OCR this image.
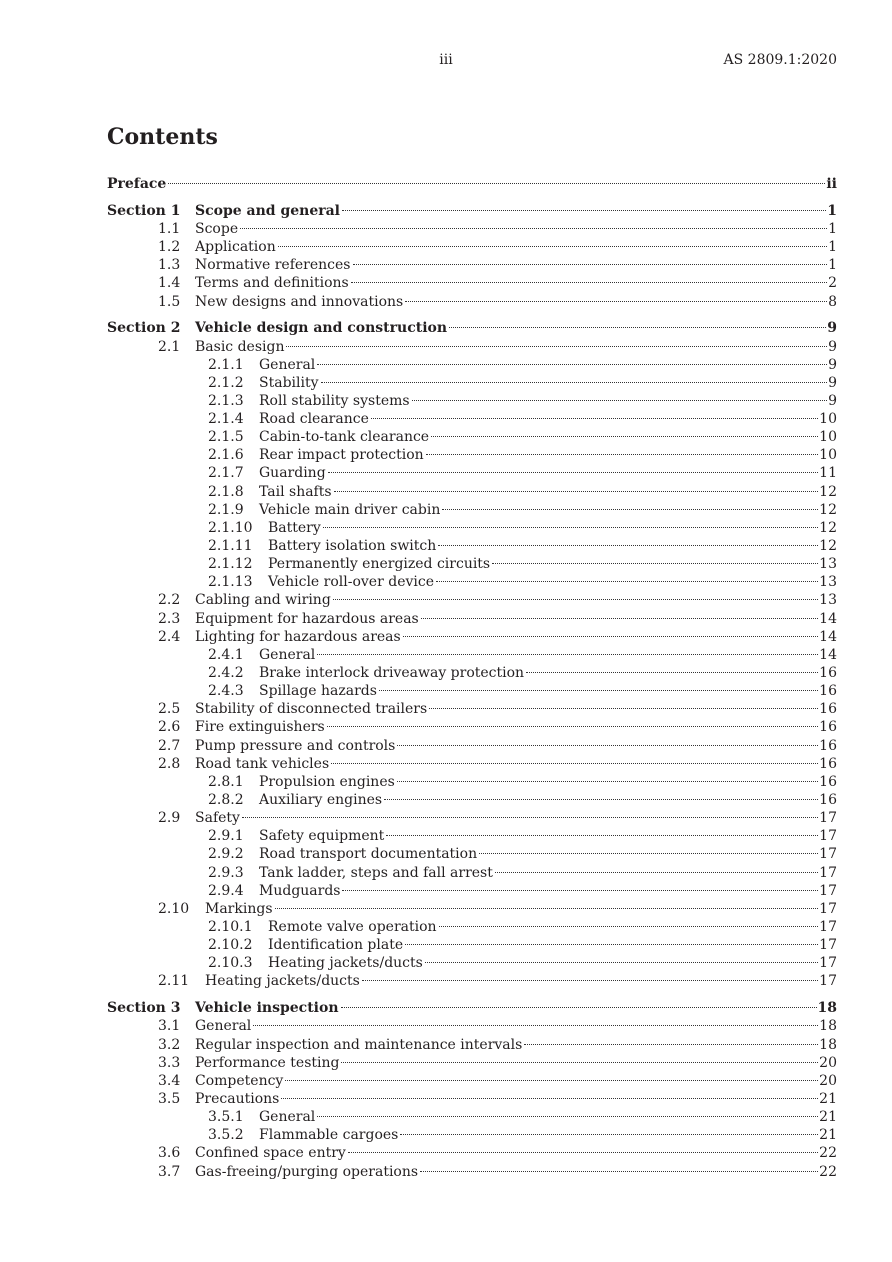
iii	AS 2809.1:2020
Contents
Preface	ii
Section 1 Scope and general	1
1.1 Scope	1
1.2 Application	1
1.3 Normative references	1
1.4 Terms and definitions	2
1.5 New designs and innovations	8
Section 2 Vehicle design and construction	9
2.1 Basic design	9
2.1.1 General	9
2.1.2 Stability	9
2.1.3 Roll stability systems	9
2.1.4 Road clearance	10
2.1.5 Cabin-to-tank clearance	10
2.1.6 Rear impact protection	10
2.1.7 Guarding	11
2.1.8 Tail shafts	12
2.1.9 Vehicle main driver cabin	12
2.1.10 Battery	12
2.1.11 Battery isolation switch	12
2.1.12 Permanently energized circuits	13
2.1.13 Vehicle roll-over device	13
2.2 Cabling and wiring	13
2.3 Equipment for hazardous areas	14
2.4 Lighting for hazardous areas	14
2.4.1 General	14
2.4.2 Brake interlock driveaway protection	16
2.4.3 Spillage hazards	16
2.5 Stability of disconnected trailers	16
2.6 Fire extinguishers	16
2.7 Pump pressure and controls	16
2.8 Road tank vehicles	16
2.8.1 Propulsion engines	16
2.8.2 Auxiliary engines	16
2.9 Safety	17
2.9.1 Safety equipment	17
2.9.2 Road transport documentation	17
2.9.3 Tank ladder, steps and fall arrest	17
2.9.4 Mudguards	17
2.10 Markings	17
2.10.1 Remote valve operation	17
2.10.2 Identification plate	17
2.10.3 Heating jackets/ducts	17
2.11 Heating jackets/ducts	17
Section 3 Vehicle inspection	18
3.1 General	18
3.2 Regular inspection and maintenance intervals	18
3.3 Performance testing	20
3.4 Competency	20
3.5 Precautions	21
3.5.1 General	21
3.5.2 Flammable cargoes	21
3.6 Confined space entry	22
3.7 Gas-freeing/purging operations	22
